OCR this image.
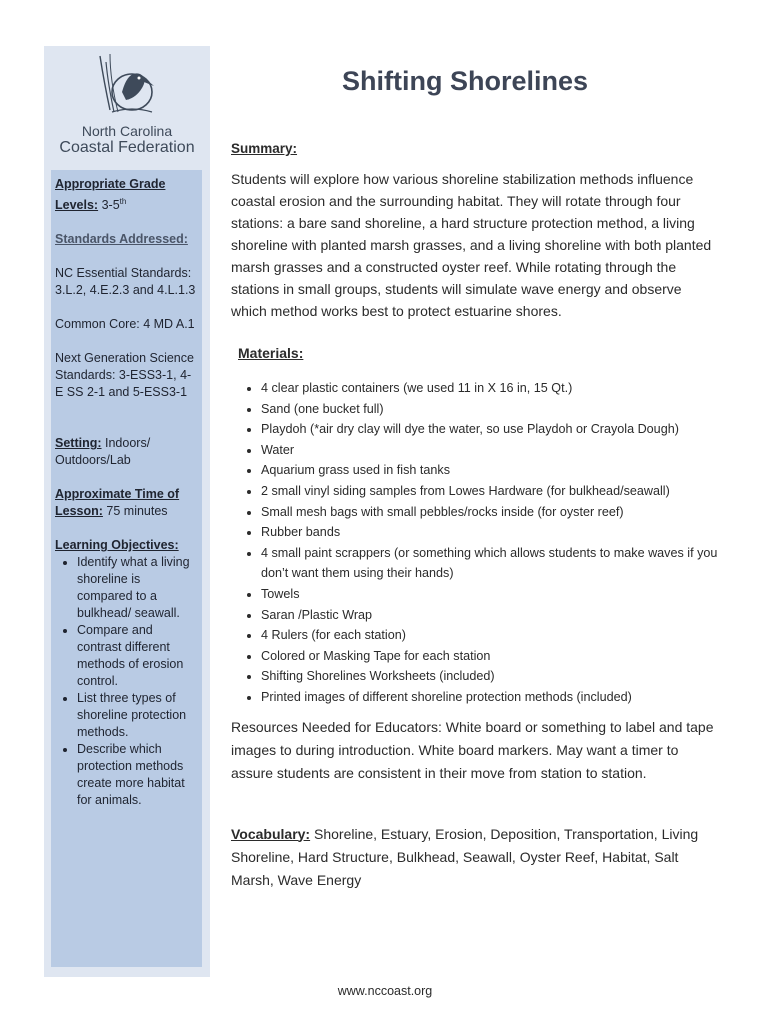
North Carolina
Coastal Federation
Appropriate Grade Levels: 3-5th
Standards Addressed:
NC Essential Standards: 3.L.2, 4.E.2.3 and 4.L.1.3
Common Core: 4 MD A.1
Next Generation Science Standards: 3-ESS3-1, 4-E SS 2-1 and 5-ESS3-1
Setting: Indoors/ Outdoors/Lab
Approximate Time of Lesson: 75 minutes
Learning Objectives:
• Identify what a living shoreline is compared to a bulkhead/ seawall.
• Compare and contrast different methods of erosion control.
• List three types of shoreline protection methods.
• Describe which protection methods create more habitat for animals.
Shifting Shorelines
Summary:

Students will explore how various shoreline stabilization methods influence coastal erosion and the surrounding habitat. They will rotate through four stations: a bare sand shoreline, a hard structure protection method, a living shoreline with planted marsh grasses, and a living shoreline with both planted marsh grasses and a constructed oyster reef. While rotating through the stations in small groups, students will simulate wave energy and observe which method works best to protect estuarine shores.

Materials:
• 4 clear plastic containers (we used 11 in X 16 in, 15 Qt.)
• Sand (one bucket full)
• Playdoh (*air dry clay will dye the water, so use Playdoh or Crayola Dough)
• Water
• Aquarium grass used in fish tanks
• 2 small vinyl siding samples from Lowes Hardware (for bulkhead/seawall)
• Small mesh bags with small pebbles/rocks inside (for oyster reef)
• Rubber bands
• 4 small paint scrappers (or something which allows students to make waves if you don’t want them using their hands)
• Towels
• Saran /Plastic Wrap
• 4 Rulers (for each station)
• Colored or Masking Tape for each station
• Shifting Shorelines Worksheets (included)
• Printed images of different shoreline protection methods (included)

Resources Needed for Educators: White board or something to label and tape images to during introduction. White board markers. May want a timer to assure students are consistent in their move from station to station.

Vocabulary: Shoreline, Estuary, Erosion, Deposition, Transportation, Living Shoreline, Hard Structure, Bulkhead, Seawall, Oyster Reef, Habitat, Salt Marsh, Wave Energy
www.nccoast.org
